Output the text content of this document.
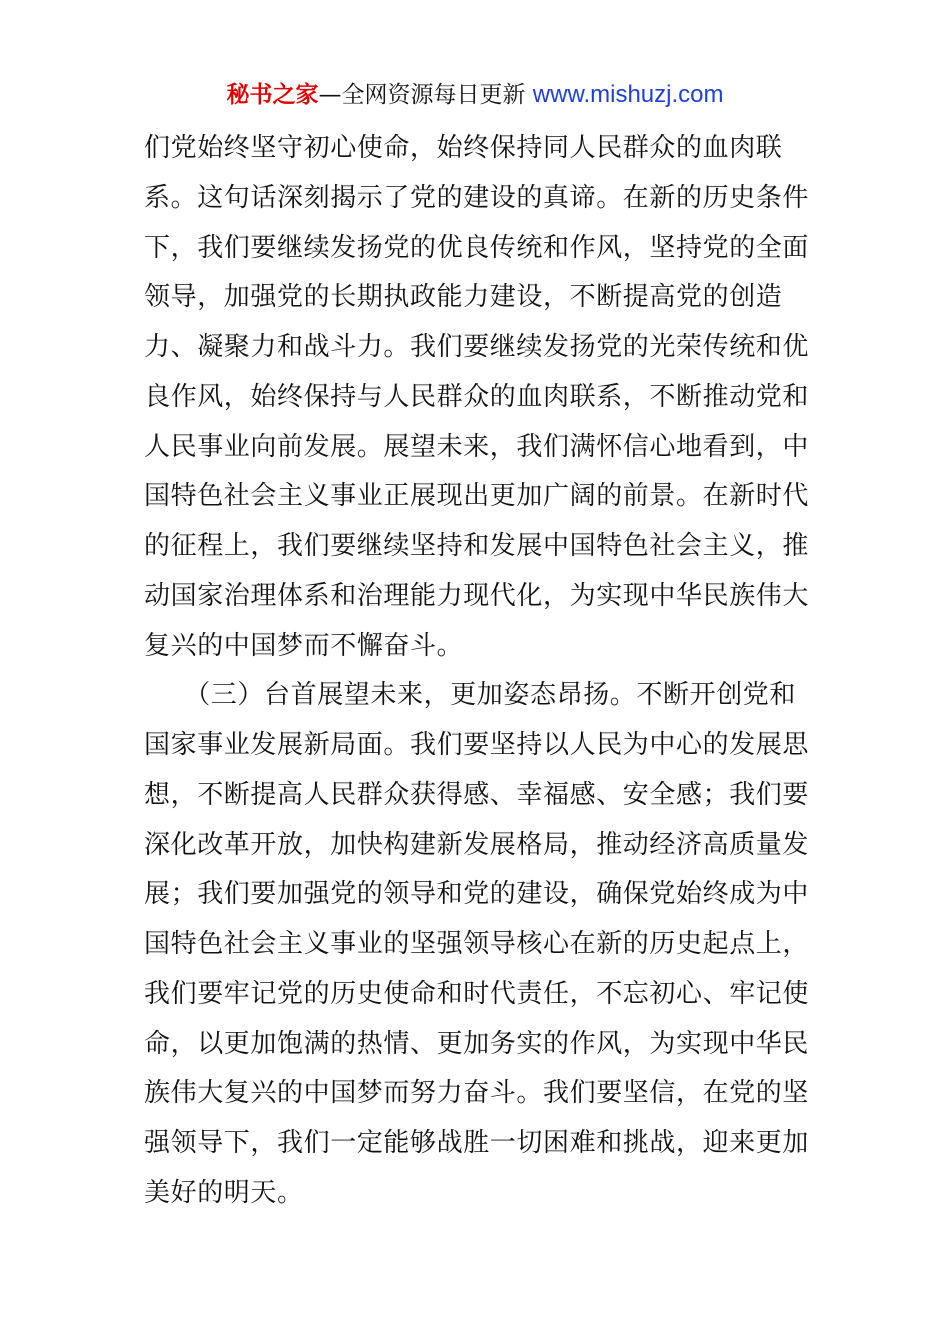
秘书之家—全网资源每日更新 www.mishuzj.com
们党始终坚守初心使命，始终保持同人民群众的血肉联
系。这句话深刻揭示了党的建设的真谛。在新的历史条件
下，我们要继续发扬党的优良传统和作风，坚持党的全面
领导，加强党的长期执政能力建设，不断提高党的创造
力、凝聚力和战斗力。我们要继续发扬党的光荣传统和优
良作风，始终保持与人民群众的血肉联系，不断推动党和
人民事业向前发展。展望未来，我们满怀信心地看到，中
国特色社会主义事业正展现出更加广阔的前景。在新时代
的征程上，我们要继续坚持和发展中国特色社会主义，推
动国家治理体系和治理能力现代化，为实现中华民族伟大
复兴的中国梦而不懈奋斗。
　　（三）台首展望未来，更加姿态昂扬。不断开创党和
国家事业发展新局面。我们要坚持以人民为中心的发展思
想，不断提高人民群众获得感、幸福感、安全感；我们要
深化改革开放，加快构建新发展格局，推动经济高质量发
展；我们要加强党的领导和党的建设，确保党始终成为中
国特色社会主义事业的坚强领导核心在新的历史起点上，
我们要牢记党的历史使命和时代责任，不忘初心、牢记使
命，以更加饱满的热情、更加务实的作风，为实现中华民
族伟大复兴的中国梦而努力奋斗。我们要坚信，在党的坚
强领导下，我们一定能够战胜一切困难和挑战，迎来更加
美好的明天。
